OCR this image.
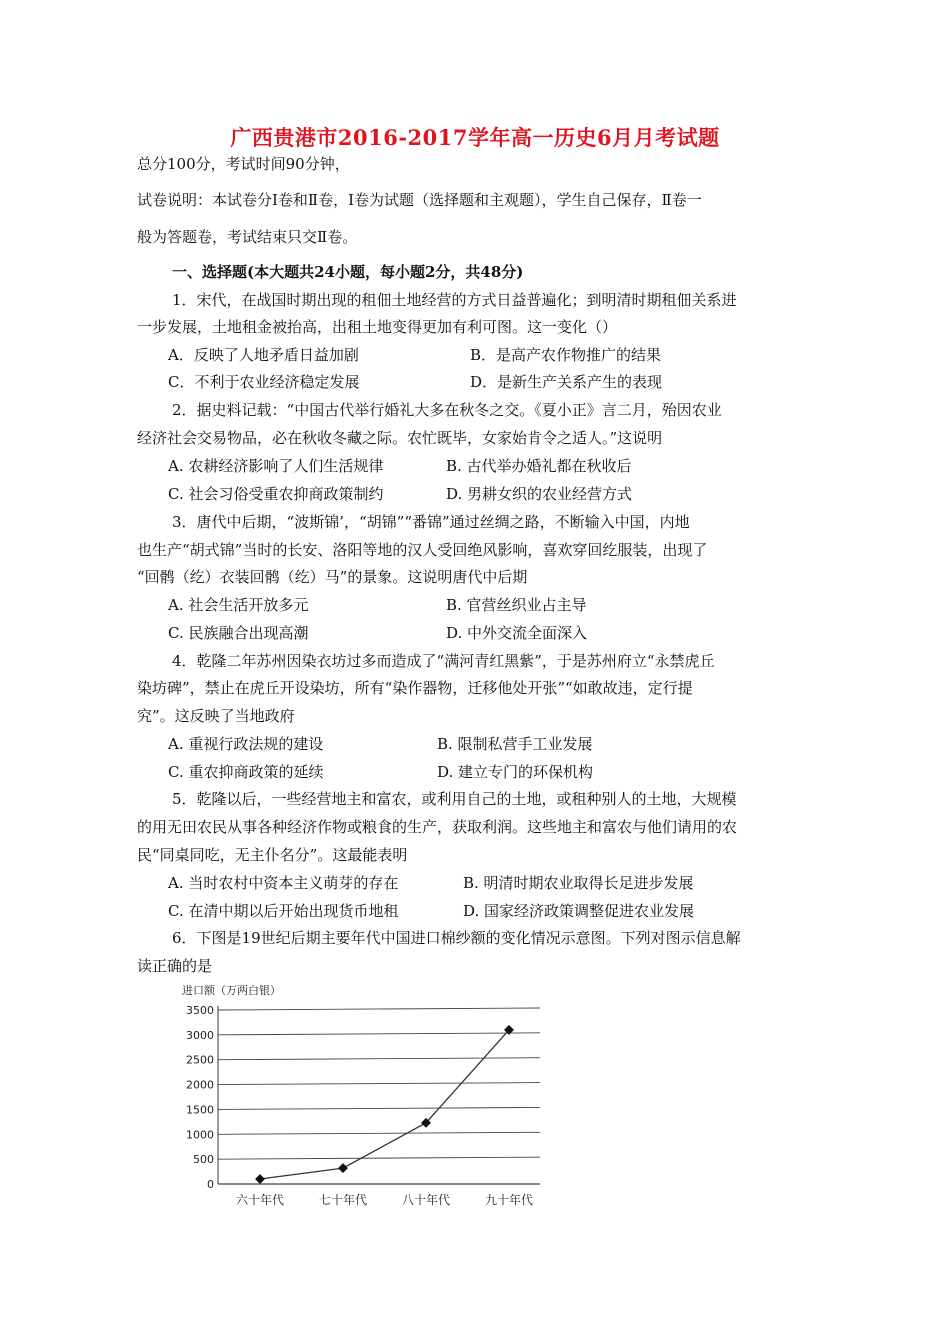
广西贵港市2016-2017学年高一历史6月月考试题
总分100分，考试时间90分钟，
试卷说明：本试卷分Ⅰ卷和Ⅱ卷，Ⅰ卷为试题（选择题和主观题），学生自己保存，Ⅱ卷一
般为答题卷，考试结束只交Ⅱ卷。
一、选择题(本大题共24小题，每小题2分，共48分)
1．宋代，在战国时期出现的租佃土地经营的方式日益普遍化；到明清时期租佃关系进
一步发展，土地租金被抬高，出租土地变得更加有利可图。这一变化（）
A．反映了人地矛盾日益加剧	B．是高产农作物推广的结果
C．不利于农业经济稳定发展	D．是新生产关系产生的表现
2．据史料记载：“中国古代举行婚礼大多在秋冬之交。《夏小正》言二月，殆因农业
经济社会交易物品，必在秋收冬藏之际。农忙既毕，女家始肯令之适人。”这说明
A. 农耕经济影响了人们生活规律	B. 古代举办婚礼都在秋收后
C. 社会习俗受重农抑商政策制约	D. 男耕女织的农业经营方式
3．唐代中后期，“波斯锦’，“胡锦”“番锦”通过丝绸之路，不断输入中国，内地
也生产“胡式锦”当时的长安、洛阳等地的汉人受回绝风影响，喜欢穿回纥服装，出现了
“回鹘（纥）衣装回鹘（纥）马”的景象。这说明唐代中后期
A. 社会生活开放多元	B. 官营丝织业占主导
C. 民族融合出现高潮	D. 中外交流全面深入
4．乾隆二年苏州因染衣坊过多而造成了“满河青红黑紫”，于是苏州府立“永禁虎丘
染坊碑”，禁止在虎丘开设染坊，所有“染作器物，迁移他处开张”“如敢故违，定行提
究”。这反映了当地政府
A. 重视行政法规的建设	B. 限制私营手工业发展
C. 重农抑商政策的延续	D. 建立专门的环保机构
5．乾隆以后，一些经营地主和富农，或利用自己的土地，或租种别人的土地，大规模
的用无田农民从事各种经济作物或粮食的生产，获取利润。这些地主和富农与他们请用的农
民“同桌同吃，无主仆名分”。这最能表明
A. 当时农村中资本主义萌芽的存在	B. 明清时期农业取得长足进步发展
C. 在清中期以后开始出现货币地租	D. 国家经济政策调整促进农业发展
6．下图是19世纪后期主要年代中国进口棉纱额的变化情况示意图。下列对图示信息解
读正确的是
进口额（万两白银）
0
500
1000
1500
2000
2500
3000
3500
六十年代	七十年代	八十年代	九十年代
